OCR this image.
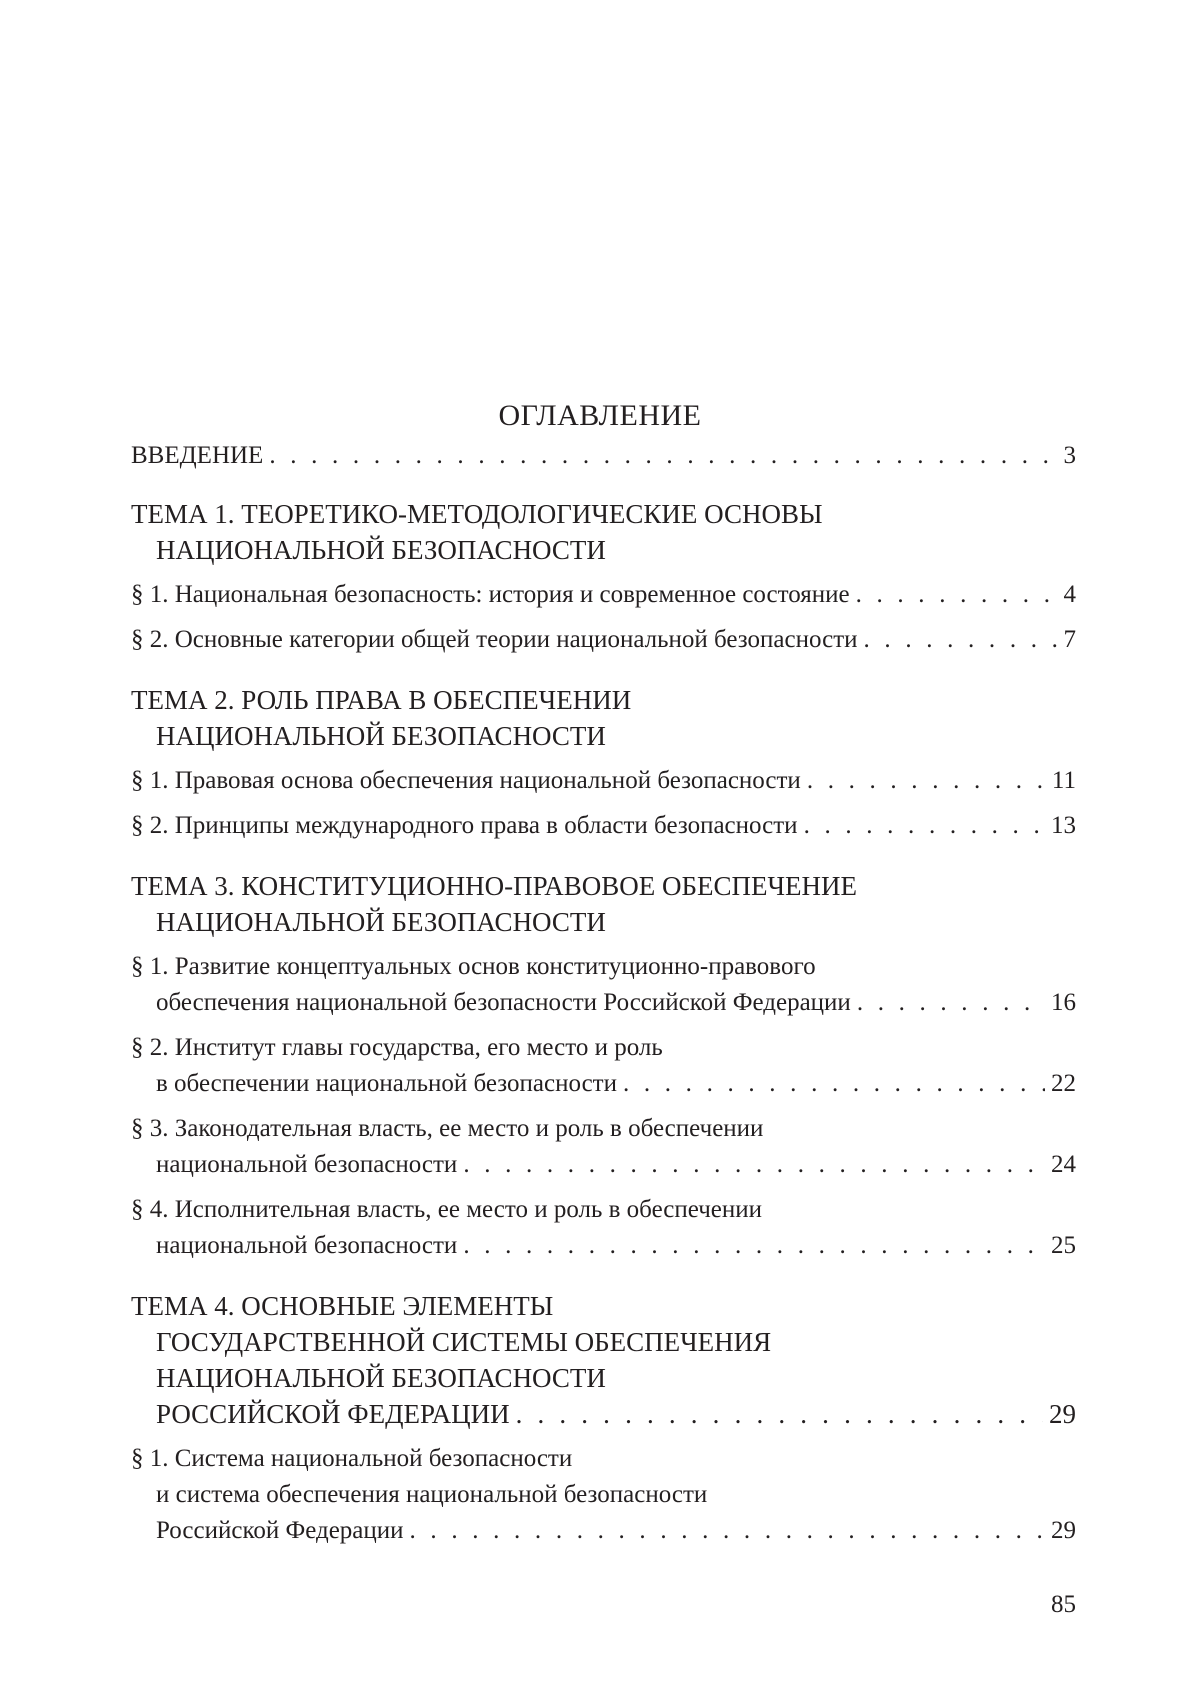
ОГЛАВЛЕНИЕ
ВВЕДЕНИЕ . . .	3
ТЕМА 1. ТЕОРЕТИКО-МЕТОДОЛОГИЧЕСКИЕ ОСНОВЫ
НАЦИОНАЛЬНОЙ БЕЗОПАСНОСТИ
§ 1. Национальная безопасность: история и современное состояние . . .	4
§ 2. Основные категории общей теории национальной безопасности . . .	7
ТЕМА 2. РОЛЬ ПРАВА В ОБЕСПЕЧЕНИИ
НАЦИОНАЛЬНОЙ БЕЗОПАСНОСТИ
§ 1. Правовая основа обеспечения национальной безопасности . . .	11
§ 2. Принципы международного права в области безопасности . . .	13
ТЕМА 3. КОНСТИТУЦИОННО-ПРАВОВОЕ ОБЕСПЕЧЕНИЕ
НАЦИОНАЛЬНОЙ БЕЗОПАСНОСТИ
§ 1. Развитие концептуальных основ конституционно-правового
обеспечения национальной безопасности Российской Федерации . . .	16
§ 2. Институт главы государства, его место и роль
в обеспечении национальной безопасности . . .	22
§ 3. Законодательная власть, ее место и роль в обеспечении
национальной безопасности . . .	24
§ 4. Исполнительная власть, ее место и роль в обеспечении
национальной безопасности . . .	25
ТЕМА 4. ОСНОВНЫЕ ЭЛЕМЕНТЫ
ГОСУДАРСТВЕННОЙ СИСТЕМЫ ОБЕСПЕЧЕНИЯ
НАЦИОНАЛЬНОЙ БЕЗОПАСНОСТИ
РОССИЙСКОЙ ФЕДЕРАЦИИ . . .	29
§ 1. Система национальной безопасности
и система обеспечения национальной безопасности
Российской Федерации . . .	29
85
